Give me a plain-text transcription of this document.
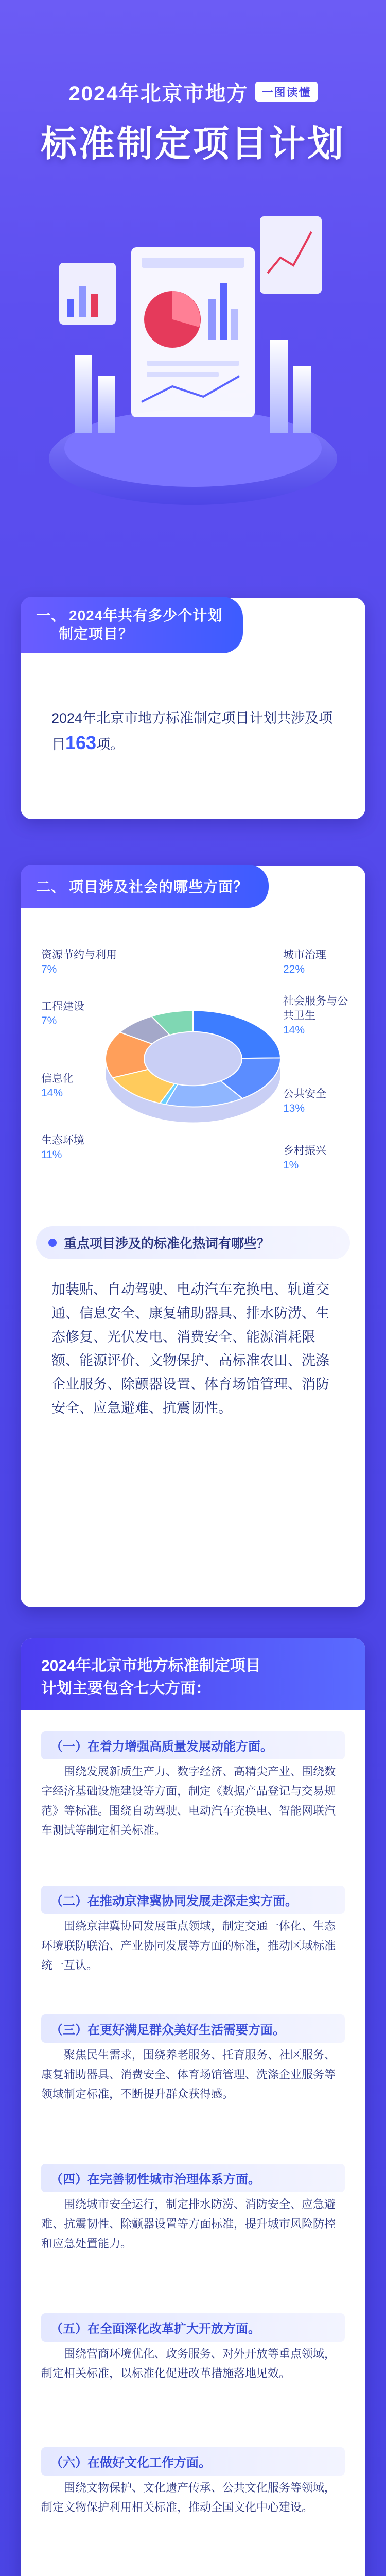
2024年北京市地方	一图读懂
标准制定项目计划
一、 2024年共有多少个计划
制定项目？
2024年北京市地方标准制定项目计划共涉及项目163项。
二、 项目涉及社会的哪些方面？
资源节约与利用
7%
工程建设
7%
信息化
14%
生态环境
11%
城市治理
22%
社会服务与公共卫生
14%
公共安全
13%
乡村振兴
1%
重点项目涉及的标准化热词有哪些？
加装贴、自动驾驶、电动汽车充换电、轨道交通、信息安全、康复辅助器具、排水防涝、生态修复、光伏发电、消费安全、能源消耗限额、能源评价、文物保护、高标准农田、洗涤企业服务、除颤器设置、体育场馆管理、消防安全、应急避难、抗震韧性。
2024年北京市地方标准制定项目
计划主要包含七大方面：
（一）在着力增强高质量发展动能方面。
围绕发展新质生产力、数字经济、高精尖产业、围绕数字经济基础设施建设等方面，制定《数据产品登记与交易规范》等标准。围绕自动驾驶、电动汽车充换电、智能网联汽车测试等制定相关标准。
（二）在推动京津冀协同发展走深走实方面。
围绕京津冀协同发展重点领域，制定交通一体化、生态环境联防联治、产业协同发展等方面的标准，推动区域标准统一互认。
（三）在更好满足群众美好生活需要方面。
聚焦民生需求，围绕养老服务、托育服务、社区服务、康复辅助器具、消费安全、体育场馆管理、洗涤企业服务等领域制定标准，不断提升群众获得感。
（四）在完善韧性城市治理体系方面。
围绕城市安全运行，制定排水防涝、消防安全、应急避难、抗震韧性、除颤器设置等方面标准，提升城市风险防控和应急处置能力。
（五）在全面深化改革扩大开放方面。
围绕营商环境优化、政务服务、对外开放等重点领域，制定相关标准，以标准化促进改革措施落地见效。
（六）在做好文化工作方面。
围绕文物保护、文化遗产传承、公共文化服务等领域，制定文物保护利用相关标准，推动全国文化中心建设。
